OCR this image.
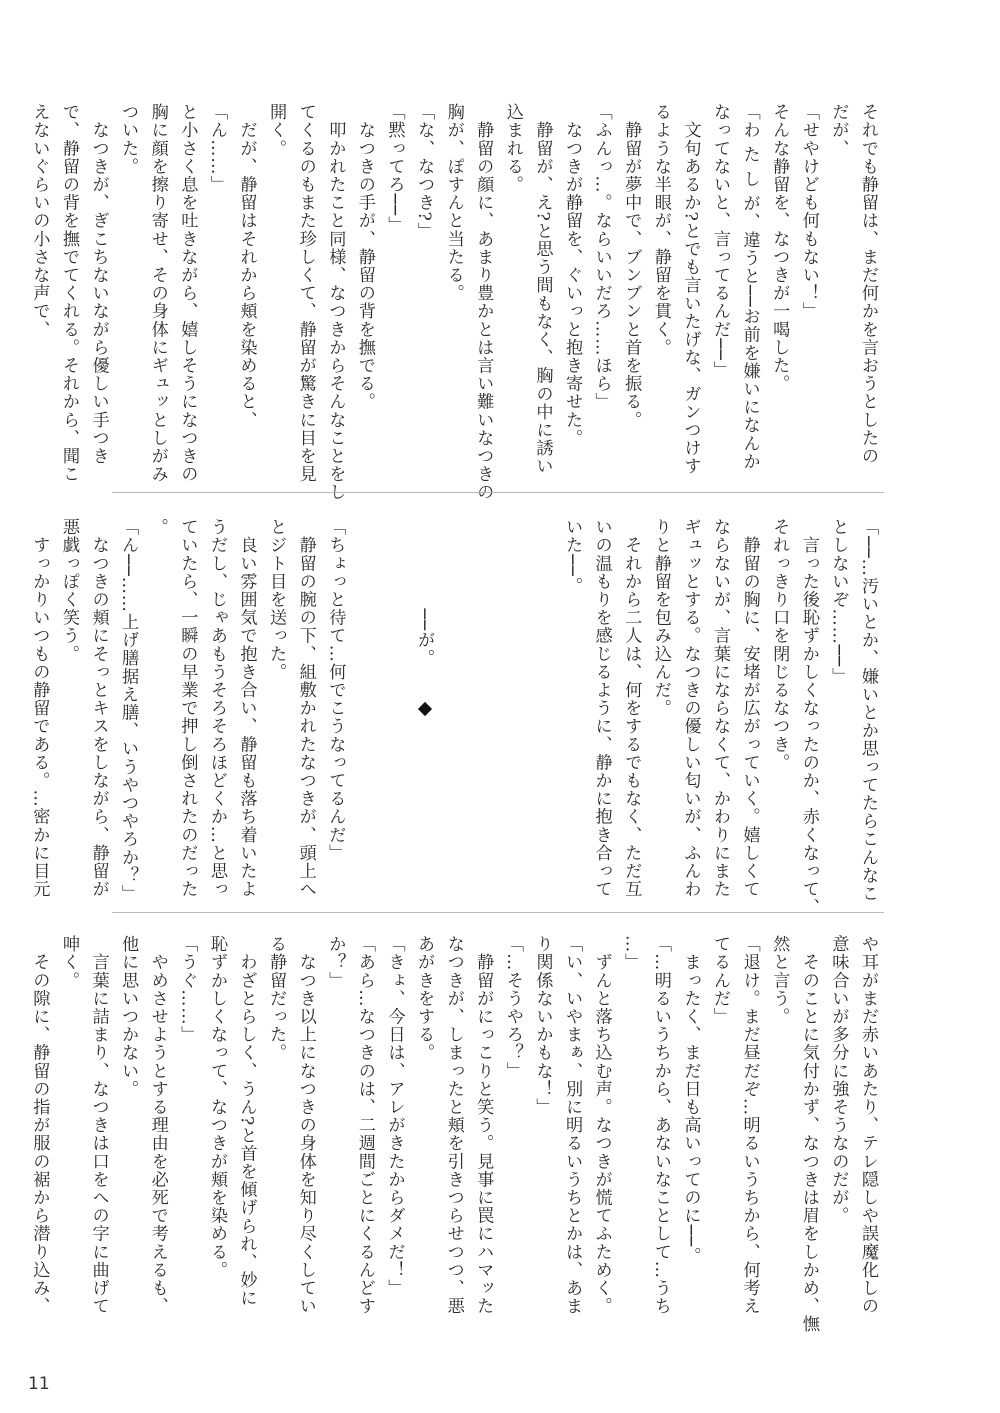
それでも静留は、まだ何かを言おうとしたの
だが、
「せやけども何もない！」
そんな静留を、なつきが一喝した。
「わ た し が、違うと──お前を嫌いになんか
なってないと、言ってるんだ──」
　文句あるか?とでも言いたげな、ガンつけす
るような半眼が、静留を貫く。
　静留が夢中で、ブンブンと首を振る。
「ふんっ…。ならいいだろ……ほら」
　なつきが静留を、ぐいっと抱き寄せた。
　静留が、え?と思う間もなく、胸の中に誘い
込まれる。
　静留の顔に、あまり豊かとは言い難いなつきの
胸が、ぽすんと当たる。
「な、なつき?」
「黙ってろ──」
　なつきの手が、静留の背を撫でる。
　叩かれたこと同様、なつきからそんなことをし
てくるのもまた珍しくて、静留が驚きに目を見
開く。
　だが、静留はそれから頬を染めると、
「ん……」
と小さく息を吐きながら、嬉しそうになつきの
胸に顔を擦り寄せ、その身体にギュッとしがみ
ついた。
　なつきが、ぎこちないながら優しい手つき
で、静留の背を撫でてくれる。それから、聞こ
えないぐらいの小さな声で、
「──…汚いとか、嫌いとか思ってたらこんなこ
としないぞ……──」
　言った後恥ずかしくなったのか、赤くなって、
それっきり口を閉じるなつき。
　静留の胸に、安堵が広がっていく。嬉しくて
ならないが、言葉にならなくて、かわりにまた
ギュッとする。なつきの優しい匂いが、ふんわ
りと静留を包み込んだ。
　それから二人は、何をするでもなく、ただ互
いの温もりを感じるように、静かに抱き合って
いた──。
　　　　　──が。
「ちょっと待て…何でこうなってるんだ」
　静留の腕の下、組敷かれたなつきが、頭上へ
とジト目を送った。
　良い雰囲気で抱き合い、静留も落ち着いたよ
うだし、じゃあもうそろそろほどくか…と思っ
ていたら、一瞬の早業で押し倒されたのだった
。
「ん──……上げ膳据え膳、いうやつやろか？」
　なつきの頬にそっとキスをしながら、静留が
悪戯っぽく笑う。
　すっかりいつもの静留である。…密かに目元
や耳がまだ赤いあたり、テレ隠しや誤魔化しの
意味合いが多分に強そうなのだが。
　そのことに気付かず、なつきは眉をしかめ、憮
然と言う。
「退け。まだ昼だぞ…明るいうちから、何考え
てるんだ」
　まったく、まだ日も高いってのに──。
「…明るいうちから、あないなことして…うち
…」
　ずんと落ち込む声。なつきが慌てふためく。
「い、いやまぁ、別に明るいうちとかは、あま
り関係ないかもな！」
「…そうやろ？」
　静留がにっこりと笑う。見事に罠にハマッた
なつきが、しまったと頬を引きつらせつつ、悪
あがきをする。
「きょ、今日は、アレがきたからダメだ！」
「あら…なつきのは、二週間ごとにくるんどす
か？」
　なつき以上になつきの身体を知り尽くしてい
る静留だった。
　わざとらしく、うん?と首を傾げられ、妙に
恥ずかしくなって、なつきが頬を染める。
「うぐ……」
　やめさせようとする理由を必死で考えるも、
他に思いつかない。
　言葉に詰まり、なつきは口をへの字に曲げて
呻く。
　その隙に、静留の指が服の裾から潜り込み、
11
